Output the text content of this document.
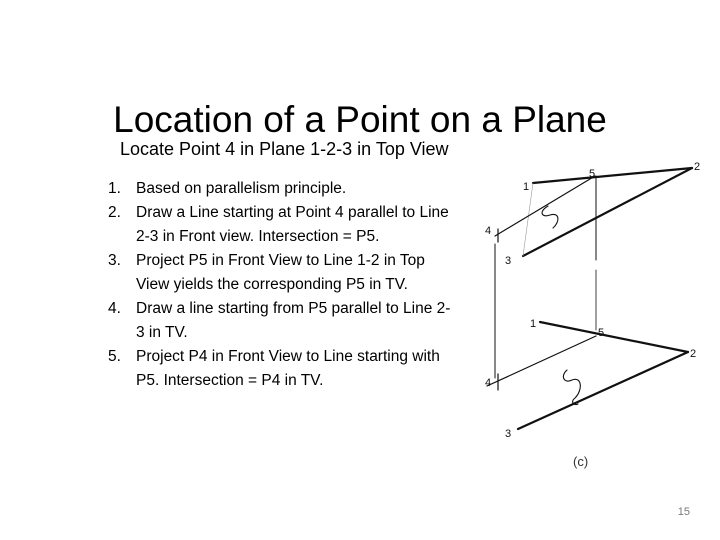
Location of a Point on a Plane
Locate Point 4 in Plane 1-2-3 in Top View
1. Based on parallelism principle.
2. Draw a Line starting at Point 4 parallel to Line 2-3 in Front view. Intersection = P5.
3. Project P5 in Front View to Line 1-2 in Top View yields the corresponding P5 in TV.
4. Draw a line starting from P5 parallel to Line 2-3 in TV.
5. Project P4 in Front View to Line starting with P5. Intersection = P4 in TV.
1
5
2
4
3
1
5
2
4
3
(c)
15
